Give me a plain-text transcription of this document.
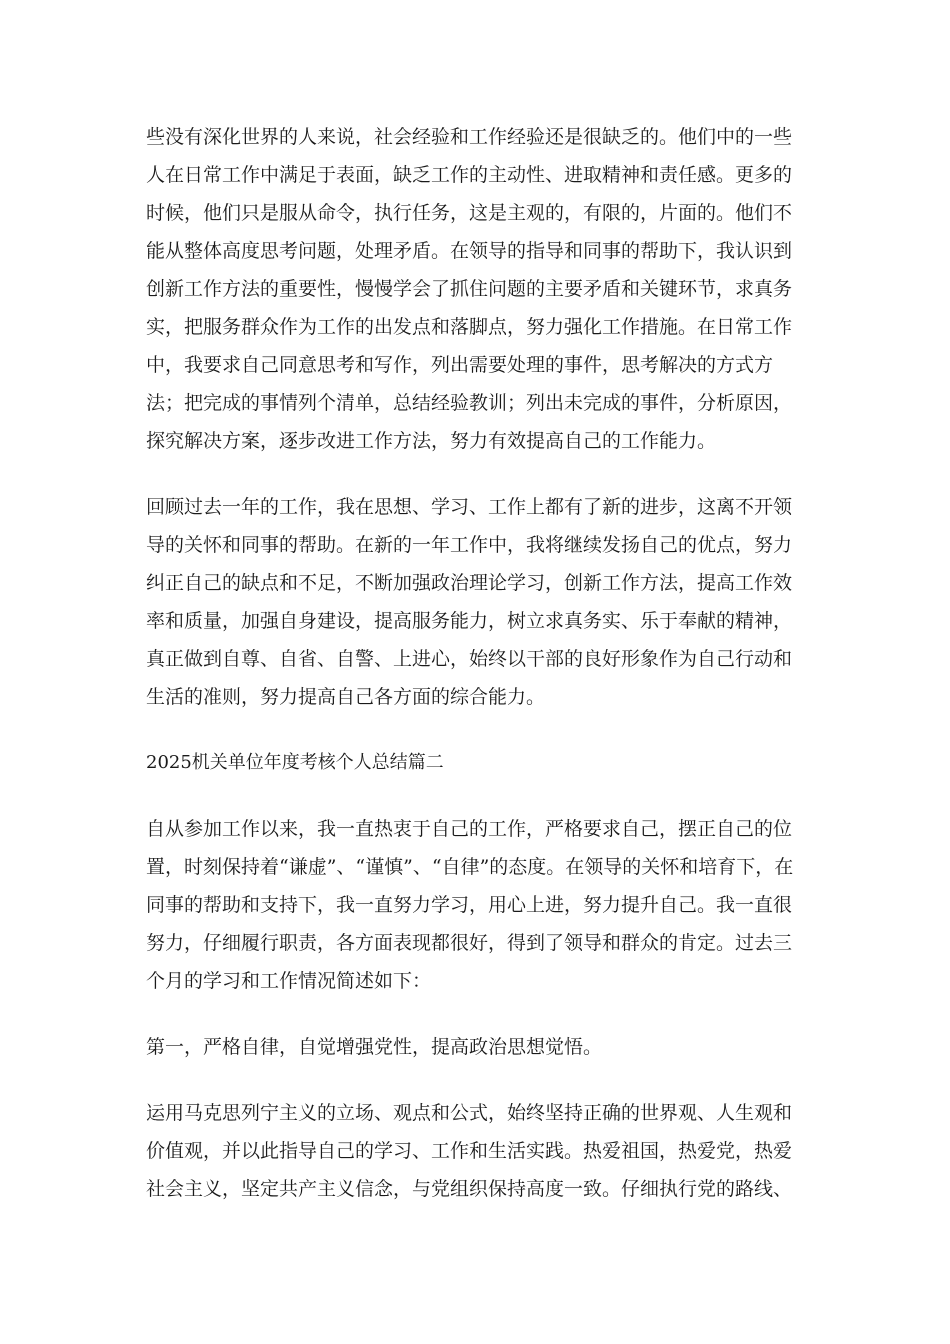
些没有深化世界的人来说，社会经验和工作经验还是很缺乏的。他们中的一些人在日常工作中满足于表面，缺乏工作的主动性、进取精神和责任感。更多的时候，他们只是服从命令，执行任务，这是主观的，有限的，片面的。他们不能从整体高度思考问题，处理矛盾。在领导的指导和同事的帮助下，我认识到创新工作方法的重要性，慢慢学会了抓住问题的主要矛盾和关键环节，求真务实，把服务群众作为工作的出发点和落脚点，努力强化工作措施。在日常工作中，我要求自己同意思考和写作，列出需要处理的事件，思考解决的方式方法；把完成的事情列个清单，总结经验教训；列出未完成的事件，分析原因，探究解决方案，逐步改进工作方法，努力有效提高自己的工作能力。

回顾过去一年的工作，我在思想、学习、工作上都有了新的进步，这离不开领导的关怀和同事的帮助。在新的一年工作中，我将继续发扬自己的优点，努力纠正自己的缺点和不足，不断加强政治理论学习，创新工作方法，提高工作效率和质量，加强自身建设，提高服务能力，树立求真务实、乐于奉献的精神，真正做到自尊、自省、自警、上进心，始终以干部的良好形象作为自己行动和生活的准则，努力提高自己各方面的综合能力。

2025机关单位年度考核个人总结篇二

自从参加工作以来，我一直热衷于自己的工作，严格要求自己，摆正自己的位置，时刻保持着“谦虚”、“谨慎”、“自律”的态度。在领导的关怀和培育下，在同事的帮助和支持下，我一直努力学习，用心上进，努力提升自己。我一直很努力，仔细履行职责，各方面表现都很好，得到了领导和群众的肯定。过去三个月的学习和工作情况简述如下：

第一，严格自律，自觉增强党性，提高政治思想觉悟。

运用马克思列宁主义的立场、观点和公式，始终坚持正确的世界观、人生观和价值观，并以此指导自己的学习、工作和生活实践。热爱祖国，热爱党，热爱社会主义，坚定共产主义信念，与党组织保持高度一致。仔细执行党的路线、
